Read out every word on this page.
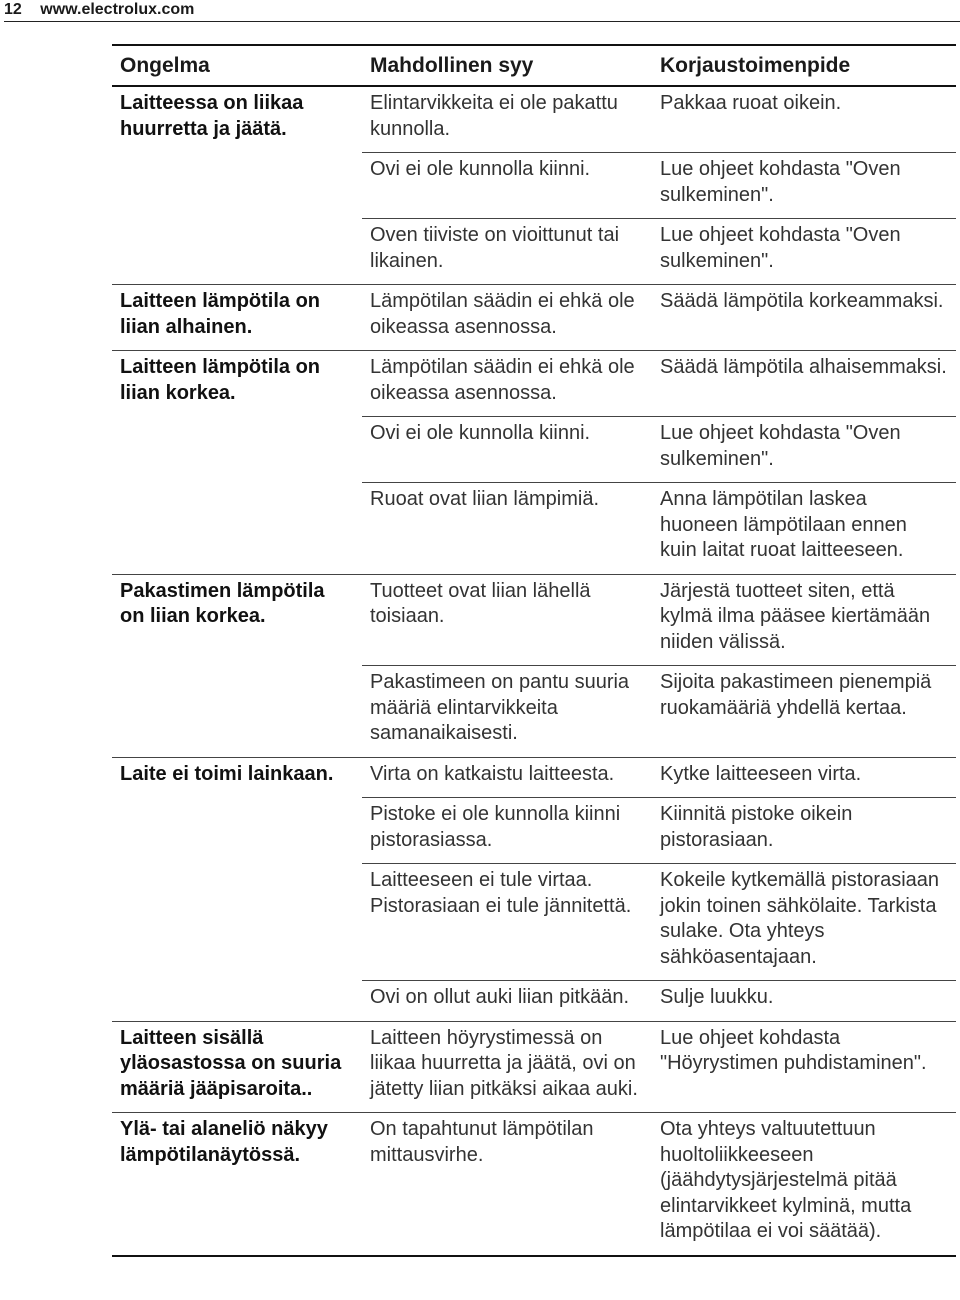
12 www.electrolux.com
Ongelma	Mahdollinen syy	Korjaustoimenpide
Laitteessa on liikaa huurretta ja jäätä.	Elintarvikkeita ei ole pakattu kunnolla.	Pakkaa ruoat oikein.
	Ovi ei ole kunnolla kiinni.	Lue ohjeet kohdasta "Oven sulkeminen".
	Oven tiiviste on vioittunut tai likainen.	Lue ohjeet kohdasta "Oven sulkeminen".
Laitteen lämpötila on liian alhainen.	Lämpötilan säädin ei ehkä ole oikeassa asennossa.	Säädä lämpötila korkeammaksi.
Laitteen lämpötila on liian korkea.	Lämpötilan säädin ei ehkä ole oikeassa asennossa.	Säädä lämpötila alhaisemmaksi.
	Ovi ei ole kunnolla kiinni.	Lue ohjeet kohdasta "Oven sulkeminen".
	Ruoat ovat liian lämpimiä.	Anna lämpötilan laskea huoneen lämpötilaan ennen kuin laitat ruoat laitteeseen.
Pakastimen lämpötila on liian korkea.	Tuotteet ovat liian lähellä toisiaan.	Järjestä tuotteet siten, että kylmä ilma pääsee kiertämään niiden välissä.
	Pakastimeen on pantu suuria määriä elintarvikkeita samanaikaisesti.	Sijoita pakastimeen pienempiä ruokamääriä yhdellä kertaa.
Laite ei toimi lainkaan.	Virta on katkaistu laitteesta.	Kytke laitteeseen virta.
	Pistoke ei ole kunnolla kiinni pistorasiassa.	Kiinnitä pistoke oikein pistorasiaan.
	Laitteeseen ei tule virtaa. Pistorasiaan ei tule jännitettä.	Kokeile kytkemällä pistorasiaan jokin toinen sähkölaite. Tarkista sulake. Ota yhteys sähköasentajaan.
	Ovi on ollut auki liian pitkään.	Sulje luukku.
Laitteen sisällä yläosastossa on suuria määriä jääpisaroita..	Laitteen höyrystimessä on liikaa huurretta ja jäätä, ovi on jätetty liian pitkäksi aikaa auki.	Lue ohjeet kohdasta "Höyrystimen puhdistaminen".
Ylä- tai alaneliö näkyy lämpötilanäytössä.	On tapahtunut lämpötilan mittausvirhe.	Ota yhteys valtuutettuun huoltoliikkeeseen (jäähdytysjärjestelmä pitää elintarvikkeet kylminä, mutta lämpötilaa ei voi säätää).
